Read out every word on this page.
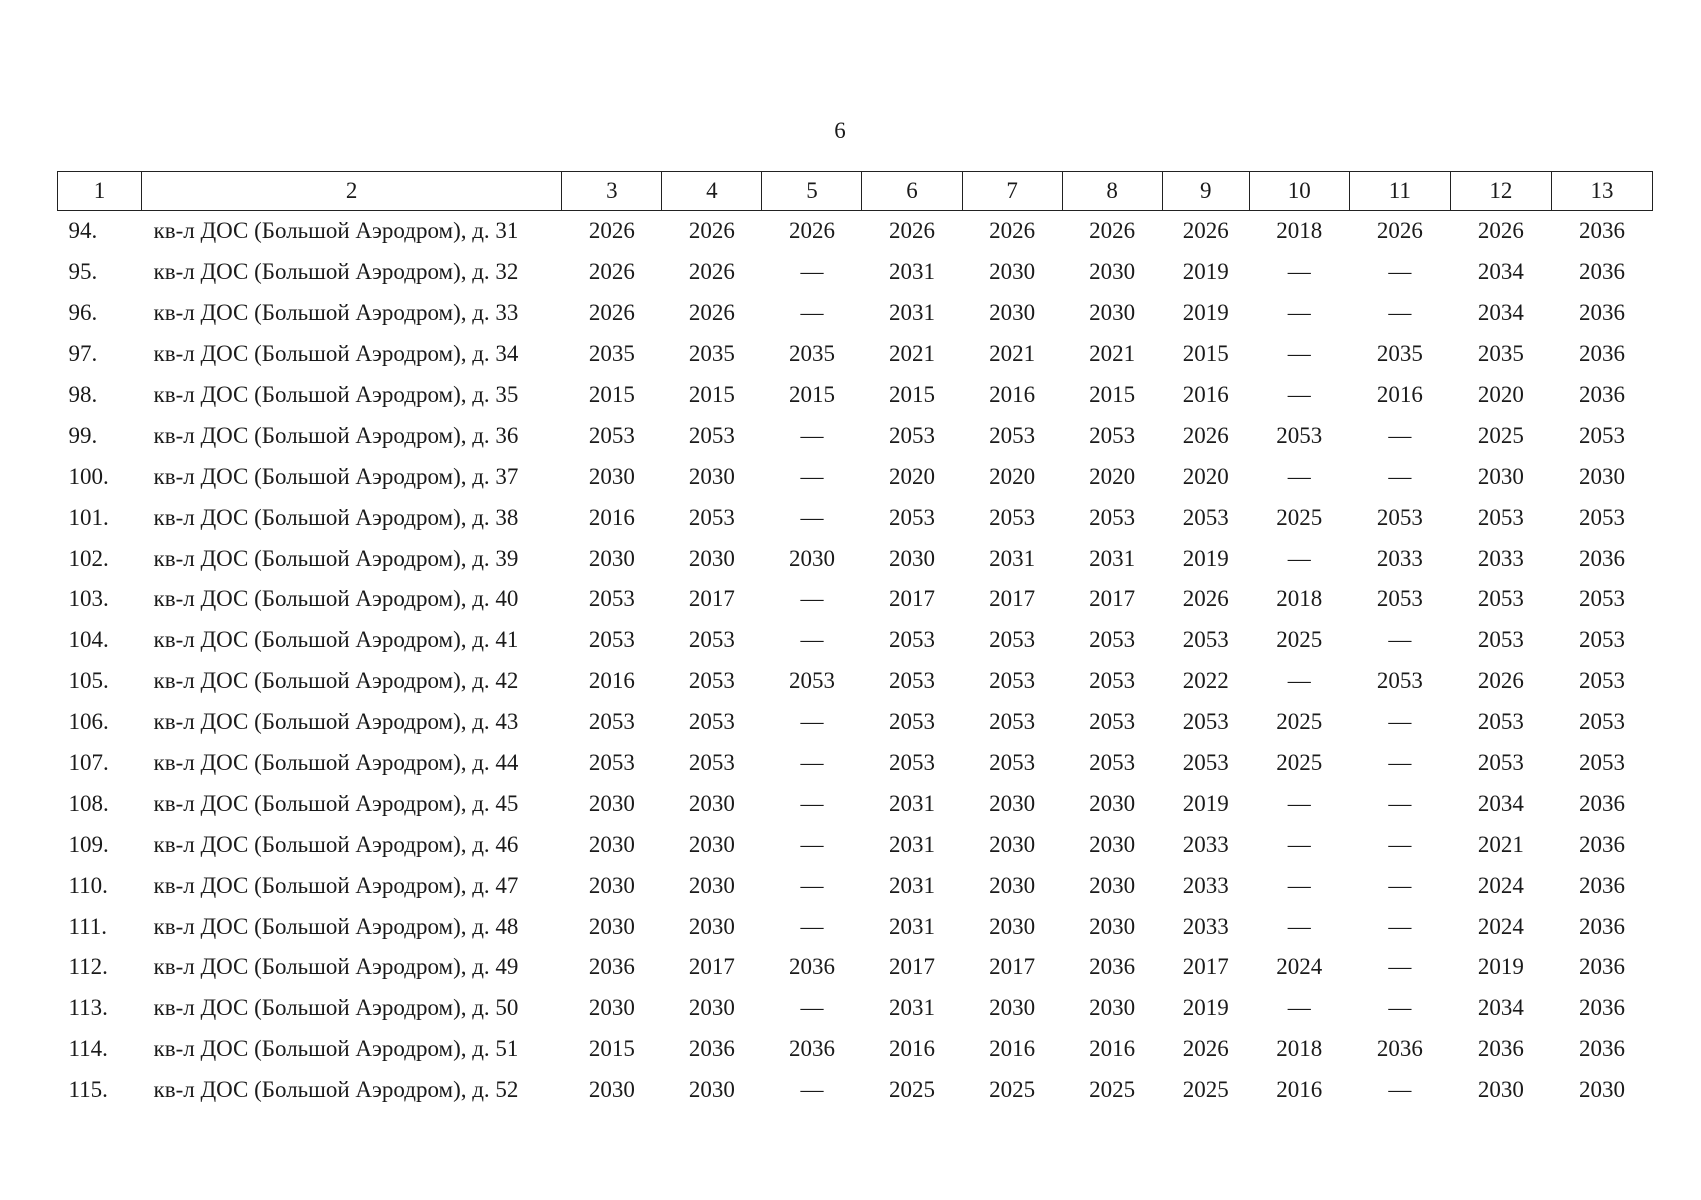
6
1	2	3	4	5	6	7	8	9	10	11	12	13
94.	кв-л ДОС (Большой Аэродром), д. 31	2026	2026	2026	2026	2026	2026	2026	2018	2026	2026	2036
95.	кв-л ДОС (Большой Аэродром), д. 32	2026	2026	—	2031	2030	2030	2019	—	—	2034	2036
96.	кв-л ДОС (Большой Аэродром), д. 33	2026	2026	—	2031	2030	2030	2019	—	—	2034	2036
97.	кв-л ДОС (Большой Аэродром), д. 34	2035	2035	2035	2021	2021	2021	2015	—	2035	2035	2036
98.	кв-л ДОС (Большой Аэродром), д. 35	2015	2015	2015	2015	2016	2015	2016	—	2016	2020	2036
99.	кв-л ДОС (Большой Аэродром), д. 36	2053	2053	—	2053	2053	2053	2026	2053	—	2025	2053
100.	кв-л ДОС (Большой Аэродром), д. 37	2030	2030	—	2020	2020	2020	2020	—	—	2030	2030
101.	кв-л ДОС (Большой Аэродром), д. 38	2016	2053	—	2053	2053	2053	2053	2025	2053	2053	2053
102.	кв-л ДОС (Большой Аэродром), д. 39	2030	2030	2030	2030	2031	2031	2019	—	2033	2033	2036
103.	кв-л ДОС (Большой Аэродром), д. 40	2053	2017	—	2017	2017	2017	2026	2018	2053	2053	2053
104.	кв-л ДОС (Большой Аэродром), д. 41	2053	2053	—	2053	2053	2053	2053	2025	—	2053	2053
105.	кв-л ДОС (Большой Аэродром), д. 42	2016	2053	2053	2053	2053	2053	2022	—	2053	2026	2053
106.	кв-л ДОС (Большой Аэродром), д. 43	2053	2053	—	2053	2053	2053	2053	2025	—	2053	2053
107.	кв-л ДОС (Большой Аэродром), д. 44	2053	2053	—	2053	2053	2053	2053	2025	—	2053	2053
108.	кв-л ДОС (Большой Аэродром), д. 45	2030	2030	—	2031	2030	2030	2019	—	—	2034	2036
109.	кв-л ДОС (Большой Аэродром), д. 46	2030	2030	—	2031	2030	2030	2033	—	—	2021	2036
110.	кв-л ДОС (Большой Аэродром), д. 47	2030	2030	—	2031	2030	2030	2033	—	—	2024	2036
111.	кв-л ДОС (Большой Аэродром), д. 48	2030	2030	—	2031	2030	2030	2033	—	—	2024	2036
112.	кв-л ДОС (Большой Аэродром), д. 49	2036	2017	2036	2017	2017	2036	2017	2024	—	2019	2036
113.	кв-л ДОС (Большой Аэродром), д. 50	2030	2030	—	2031	2030	2030	2019	—	—	2034	2036
114.	кв-л ДОС (Большой Аэродром), д. 51	2015	2036	2036	2016	2016	2016	2026	2018	2036	2036	2036
115.	кв-л ДОС (Большой Аэродром), д. 52	2030	2030	—	2025	2025	2025	2025	2016	—	2030	2030
